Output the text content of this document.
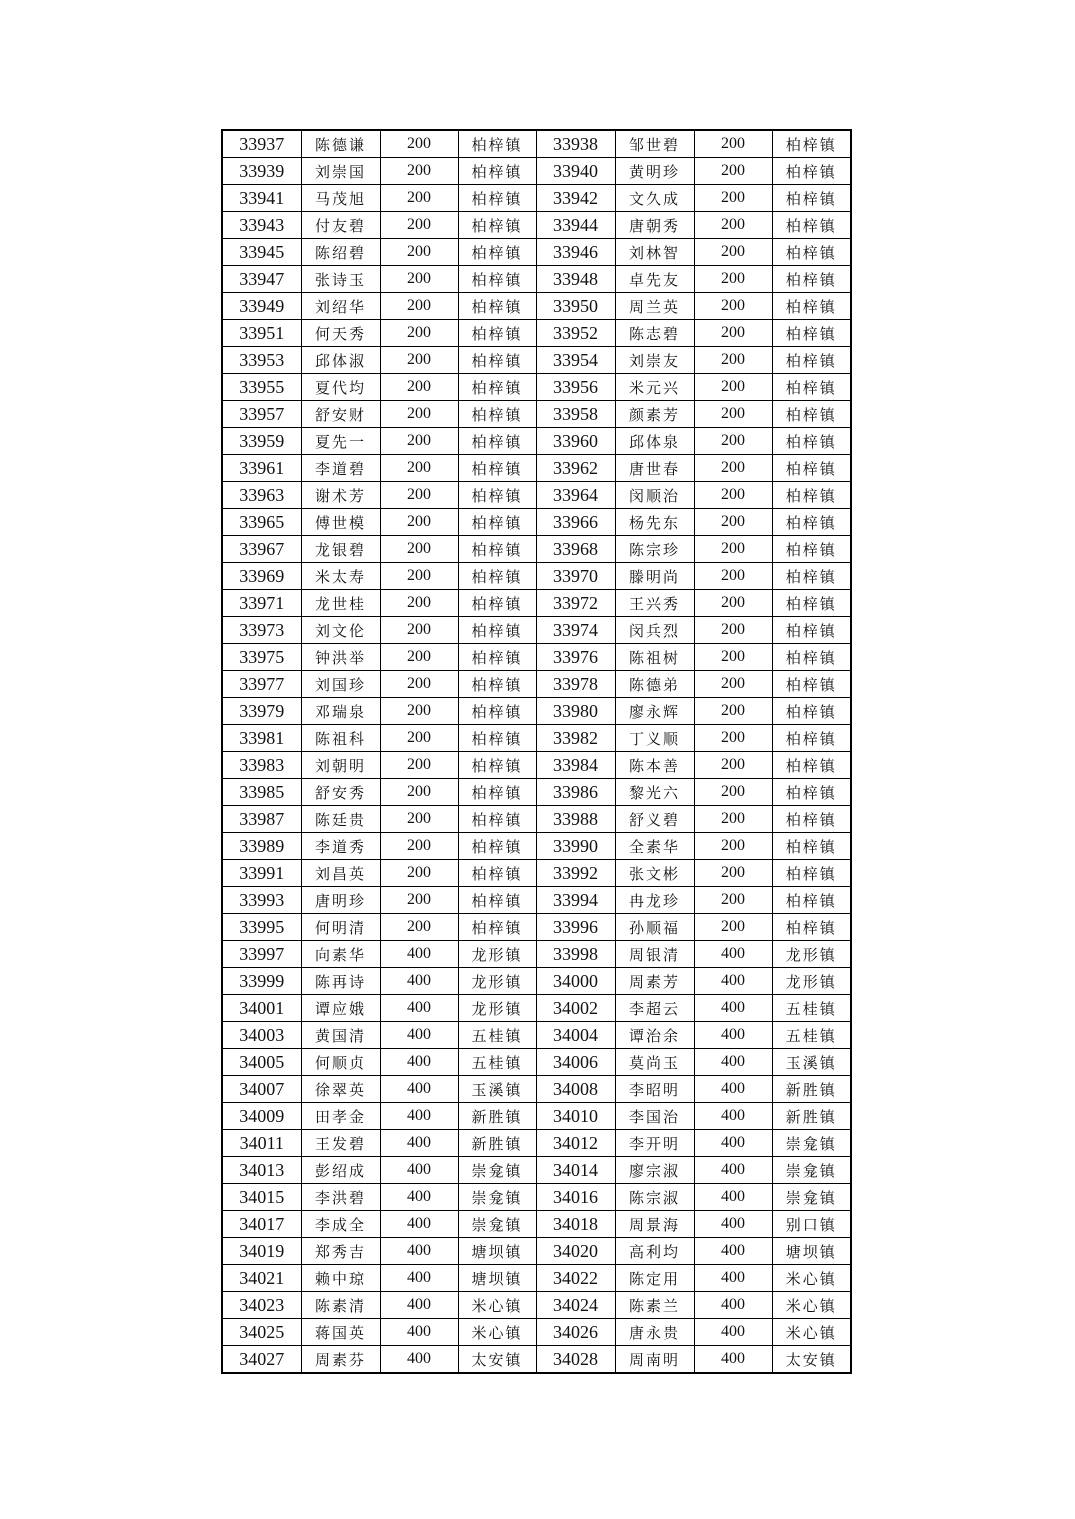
33937	陈德谦	200	柏梓镇	33938	邹世碧	200	柏梓镇
33939	刘崇国	200	柏梓镇	33940	黄明珍	200	柏梓镇
33941	马茂旭	200	柏梓镇	33942	文久成	200	柏梓镇
33943	付友碧	200	柏梓镇	33944	唐朝秀	200	柏梓镇
33945	陈绍碧	200	柏梓镇	33946	刘林智	200	柏梓镇
33947	张诗玉	200	柏梓镇	33948	卓先友	200	柏梓镇
33949	刘绍华	200	柏梓镇	33950	周兰英	200	柏梓镇
33951	何天秀	200	柏梓镇	33952	陈志碧	200	柏梓镇
33953	邱体淑	200	柏梓镇	33954	刘崇友	200	柏梓镇
33955	夏代均	200	柏梓镇	33956	米元兴	200	柏梓镇
33957	舒安财	200	柏梓镇	33958	颜素芳	200	柏梓镇
33959	夏先一	200	柏梓镇	33960	邱体泉	200	柏梓镇
33961	李道碧	200	柏梓镇	33962	唐世春	200	柏梓镇
33963	谢术芳	200	柏梓镇	33964	闵顺治	200	柏梓镇
33965	傅世模	200	柏梓镇	33966	杨先东	200	柏梓镇
33967	龙银碧	200	柏梓镇	33968	陈宗珍	200	柏梓镇
33969	米太寿	200	柏梓镇	33970	滕明尚	200	柏梓镇
33971	龙世桂	200	柏梓镇	33972	王兴秀	200	柏梓镇
33973	刘文伦	200	柏梓镇	33974	闵兵烈	200	柏梓镇
33975	钟洪举	200	柏梓镇	33976	陈祖树	200	柏梓镇
33977	刘国珍	200	柏梓镇	33978	陈德弟	200	柏梓镇
33979	邓瑞泉	200	柏梓镇	33980	廖永辉	200	柏梓镇
33981	陈祖科	200	柏梓镇	33982	丁义顺	200	柏梓镇
33983	刘朝明	200	柏梓镇	33984	陈本善	200	柏梓镇
33985	舒安秀	200	柏梓镇	33986	黎光六	200	柏梓镇
33987	陈廷贵	200	柏梓镇	33988	舒义碧	200	柏梓镇
33989	李道秀	200	柏梓镇	33990	全素华	200	柏梓镇
33991	刘昌英	200	柏梓镇	33992	张文彬	200	柏梓镇
33993	唐明珍	200	柏梓镇	33994	冉龙珍	200	柏梓镇
33995	何明清	200	柏梓镇	33996	孙顺福	200	柏梓镇
33997	向素华	400	龙形镇	33998	周银清	400	龙形镇
33999	陈再诗	400	龙形镇	34000	周素芳	400	龙形镇
34001	谭应娥	400	龙形镇	34002	李超云	400	五桂镇
34003	黄国清	400	五桂镇	34004	谭治余	400	五桂镇
34005	何顺贞	400	五桂镇	34006	莫尚玉	400	玉溪镇
34007	徐翠英	400	玉溪镇	34008	李昭明	400	新胜镇
34009	田孝金	400	新胜镇	34010	李国治	400	新胜镇
34011	王发碧	400	新胜镇	34012	李开明	400	崇龛镇
34013	彭绍成	400	崇龛镇	34014	廖宗淑	400	崇龛镇
34015	李洪碧	400	崇龛镇	34016	陈宗淑	400	崇龛镇
34017	李成全	400	崇龛镇	34018	周景海	400	别口镇
34019	郑秀吉	400	塘坝镇	34020	高利均	400	塘坝镇
34021	赖中琼	400	塘坝镇	34022	陈定用	400	米心镇
34023	陈素清	400	米心镇	34024	陈素兰	400	米心镇
34025	蒋国英	400	米心镇	34026	唐永贵	400	米心镇
34027	周素芬	400	太安镇	34028	周南明	400	太安镇
